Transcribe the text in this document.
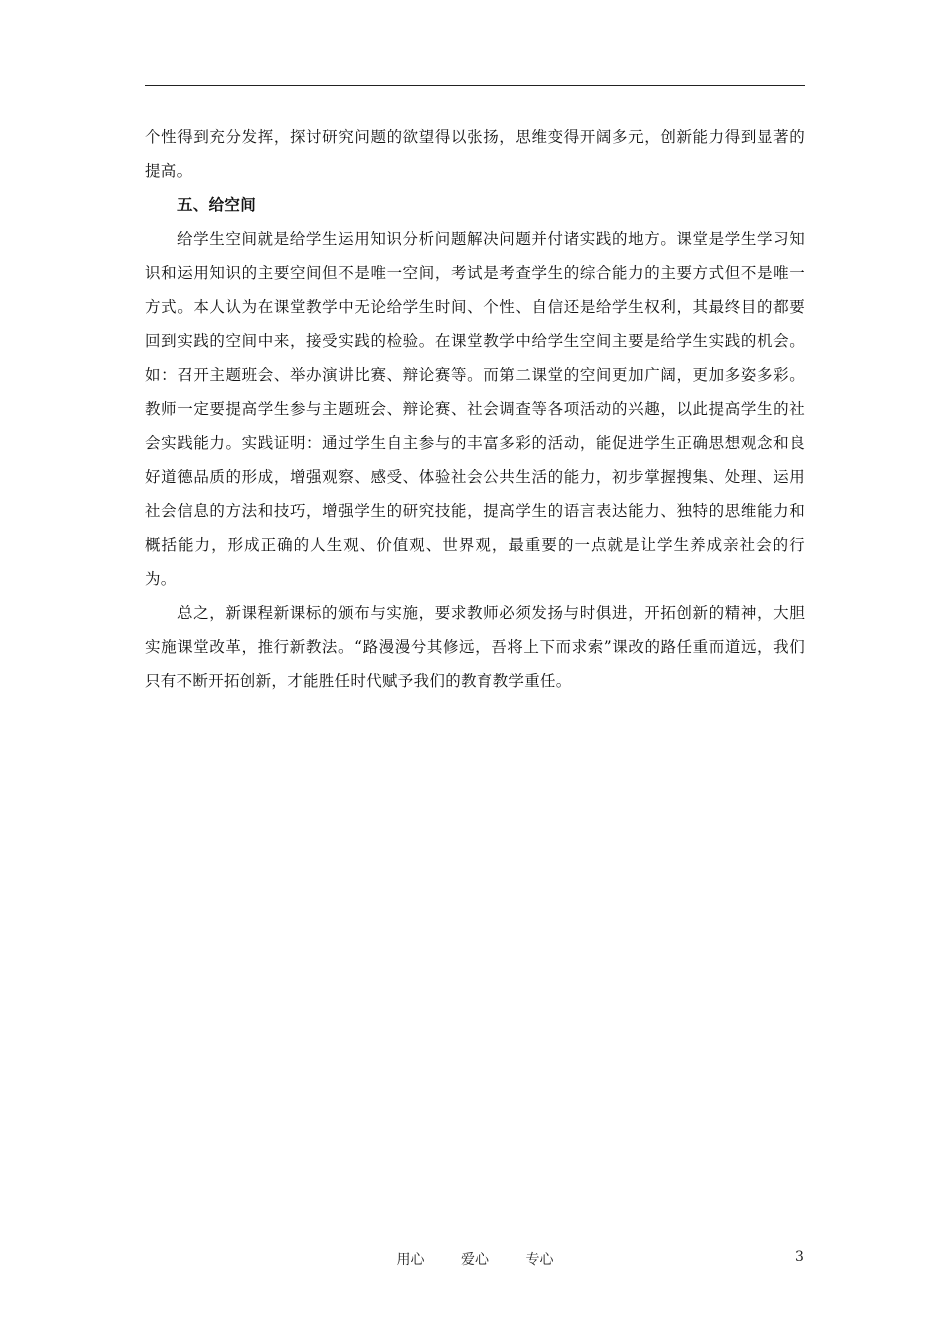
个性得到充分发挥，探讨研究问题的欲望得以张扬，思维变得开阔多元，创新能力得到显著的提高。

五、给空间

给学生空间就是给学生运用知识分析问题解决问题并付诸实践的地方。课堂是学生学习知识和运用知识的主要空间但不是唯一空间，考试是考查学生的综合能力的主要方式但不是唯一方式。本人认为在课堂教学中无论给学生时间、个性、自信还是给学生权利，其最终目的都要回到实践的空间中来，接受实践的检验。在课堂教学中给学生空间主要是给学生实践的机会。如：召开主题班会、举办演讲比赛、辩论赛等。而第二课堂的空间更加广阔，更加多姿多彩。教师一定要提高学生参与主题班会、辩论赛、社会调查等各项活动的兴趣，以此提高学生的社会实践能力。实践证明：通过学生自主参与的丰富多彩的活动，能促进学生正确思想观念和良好道德品质的形成，增强观察、感受、体验社会公共生活的能力，初步掌握搜集、处理、运用社会信息的方法和技巧，增强学生的研究技能，提高学生的语言表达能力、独特的思维能力和概括能力，形成正确的人生观、价值观、世界观，最重要的一点就是让学生养成亲社会的行为。

总之，新课程新课标的颁布与实施，要求教师必须发扬与时俱进，开拓创新的精神，大胆实施课堂改革，推行新教法。“路漫漫兮其修远，吾将上下而求索”课改的路任重而道远，我们只有不断开拓创新，才能胜任时代赋予我们的教育教学重任。

用心	爱心	专心	3
